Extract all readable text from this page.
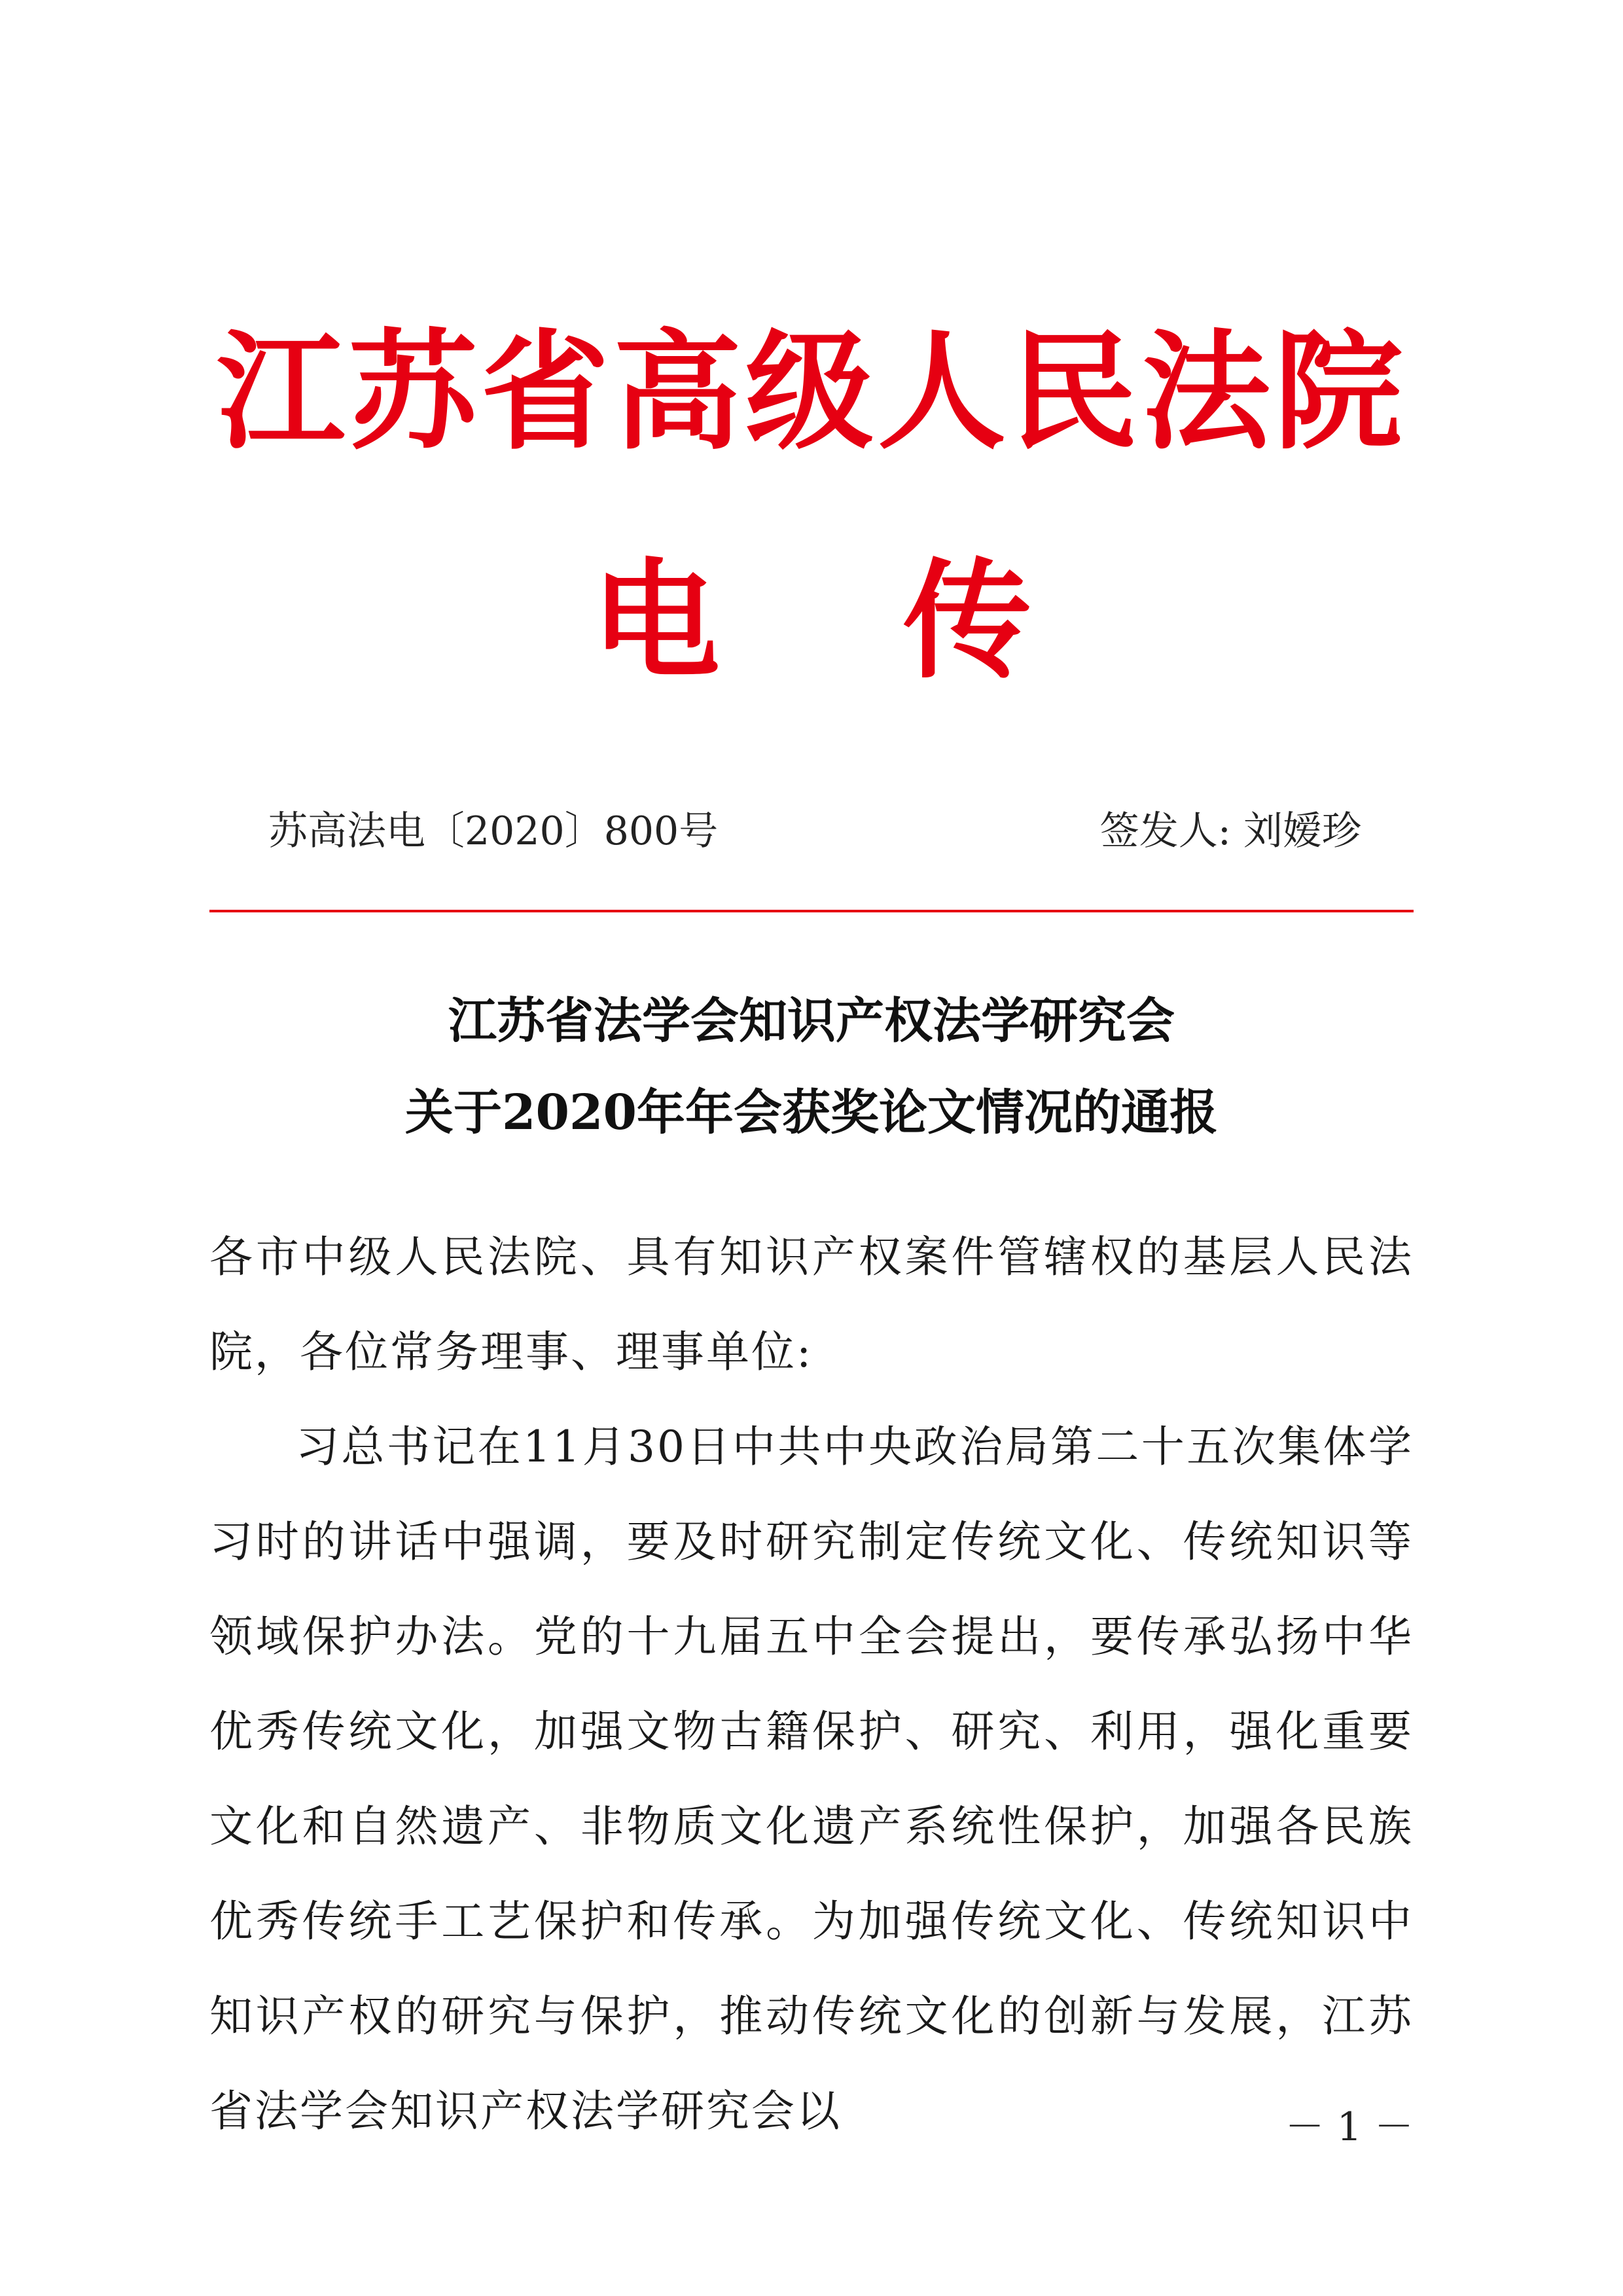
江苏省高级人民法院
电传
苏高法电〔2020〕800号	签发人: 刘嫒珍
江苏省法学会知识产权法学研究会
关于2020年年会获奖论文情况的通报

各市中级人民法院、具有知识产权案件管辖权的基层人民法院，各位常务理事、理事单位:

习总书记在11月30日中共中央政治局第二十五次集体学习时的讲话中强调，要及时研究制定传统文化、传统知识等领域保护办法。党的十九届五中全会提出，要传承弘扬中华优秀传统文化，加强文物古籍保护、研究、利用，强化重要文化和自然遗产、非物质文化遗产系统性保护，加强各民族优秀传统手工艺保护和传承。为加强传统文化、传统知识中知识产权的研究与保护，推动传统文化的创新与发展，江苏省法学会知识产权法学研究会以	－ 1 －
